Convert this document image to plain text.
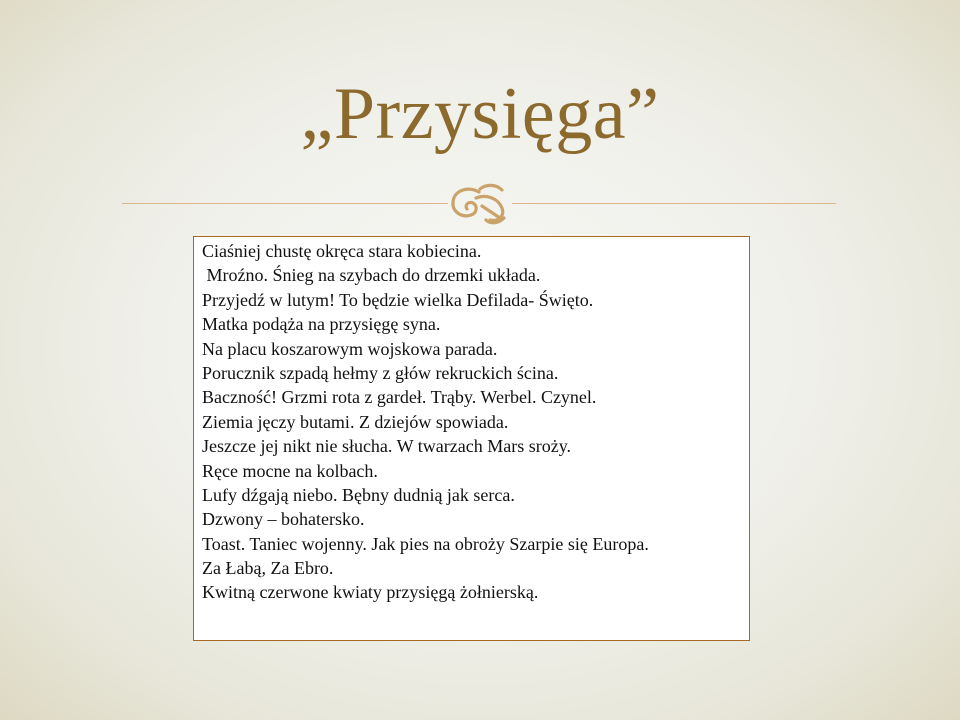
„Przysięga”
Ciaśniej chustę okręca stara kobiecina.
Mroźno. Śnieg na szybach do drzemki układa.
Przyjedź w lutym! To będzie wielka Defilada- Święto.
Matka podąża na przysięgę syna.
Na placu koszarowym wojskowa parada.
Porucznik szpadą hełmy z głów rekruckich ścina.
Baczność! Grzmi rota z gardeł. Trąby. Werbel. Czynel.
Ziemia jęczy butami. Z dziejów spowiada.
Jeszcze jej nikt nie słucha. W twarzach Mars sroży.
Ręce mocne na kolbach.
Lufy dźgają niebo. Bębny dudnią jak serca.
Dzwony – bohatersko.
Toast. Taniec wojenny. Jak pies na obroży Szarpie się Europa.
Za Łabą, Za Ebro.
Kwitną czerwone kwiaty przysięgą żołnierską.
